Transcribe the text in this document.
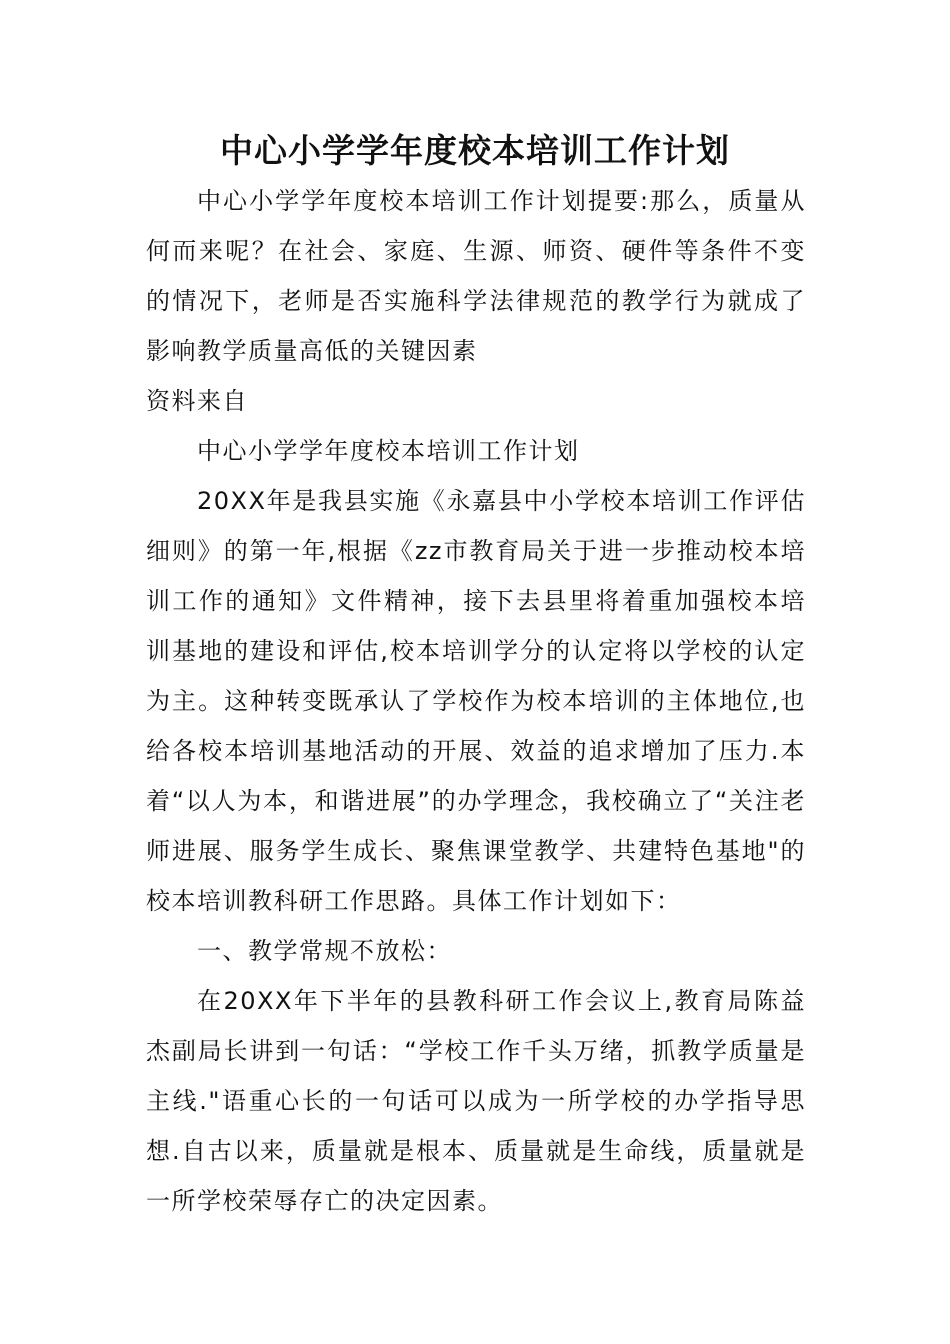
中心小学学年度校本培训工作计划

中心小学学年度校本培训工作计划提要:那么，质量从何而来呢？在社会、家庭、生源、师资、硬件等条件不变的情况下，老师是否实施科学法律规范的教学行为就成了影响教学质量高低的关键因素

资料来自

中心小学学年度校本培训工作计划

20XX年是我县实施《永嘉县中小学校本培训工作评估细则》的第一年,根据《zz市教育局关于进一步推动校本培训工作的通知》文件精神，接下去县里将着重加强校本培训基地的建设和评估,校本培训学分的认定将以学校的认定为主。这种转变既承认了学校作为校本培训的主体地位,也给各校本培训基地活动的开展、效益的追求增加了压力.本着“以人为本，和谐进展”的办学理念，我校确立了“关注老师进展、服务学生成长、聚焦课堂教学、共建特色基地"的校本培训教科研工作思路。具体工作计划如下：

一、教学常规不放松：

在20XX年下半年的县教科研工作会议上,教育局陈益杰副局长讲到一句话：“学校工作千头万绪，抓教学质量是主线."语重心长的一句话可以成为一所学校的办学指导思想.自古以来，质量就是根本、质量就是生命线，质量就是一所学校荣辱存亡的决定因素。
